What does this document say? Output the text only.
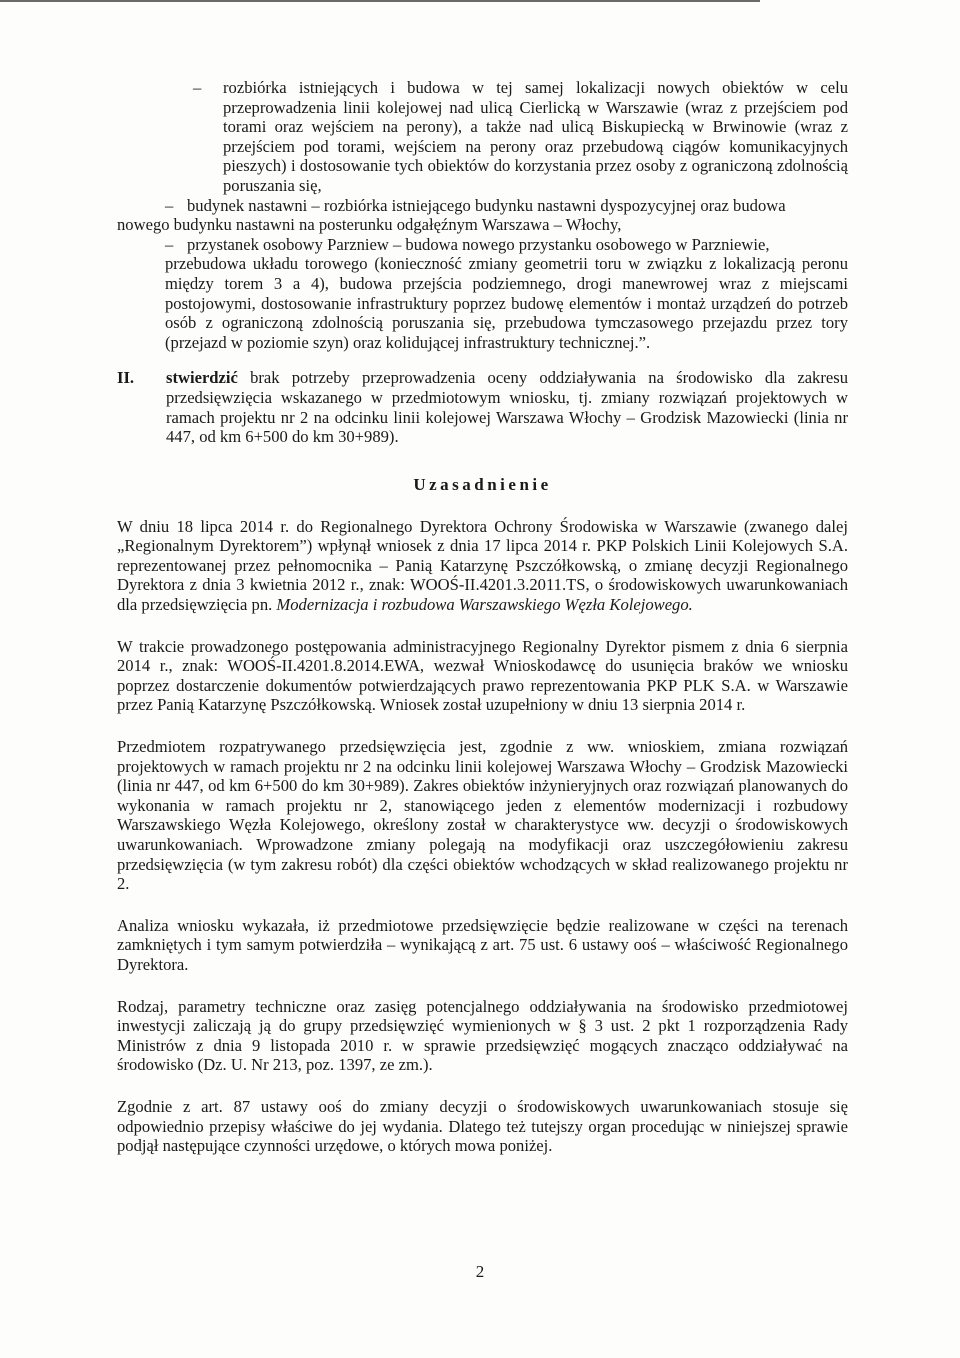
–	rozbiórka istniejących i budowa w tej samej lokalizacji nowych obiektów w celu przeprowadzenia linii kolejowej nad ulicą Cierlicką w Warszawie (wraz z przejściem pod torami oraz wejściem na perony), a także nad ulicą Biskupiecką w Brwinowie (wraz z przejściem pod torami, wejściem na perony oraz przebudową ciągów komunikacyjnych pieszych) i dostosowanie tych obiektów do korzystania przez osoby z ograniczoną zdolnością poruszania się,
– budynek nastawni – rozbiórka istniejącego budynku nastawni dyspozycyjnej oraz budowa
nowego budynku nastawni na posterunku odgałęźnym Warszawa – Włochy,
– przystanek osobowy Parzniew – budowa nowego przystanku osobowego w Parzniewie,
przebudowa układu torowego (konieczność zmiany geometrii toru w związku z lokalizacją peronu między torem 3 a 4), budowa przejścia podziemnego, drogi manewrowej wraz z miejscami postojowymi, dostosowanie infrastruktury poprzez budowę elementów i montaż urządzeń do potrzeb osób z ograniczoną zdolnością poruszania się, przebudowa tymczasowego przejazdu przez tory (przejazd w poziomie szyn) oraz kolidującej infrastruktury technicznej.”.
II.	stwierdzić brak potrzeby przeprowadzenia oceny oddziaływania na środowisko dla zakresu przedsięwzięcia wskazanego w przedmiotowym wniosku, tj. zmiany rozwiązań projektowych w ramach projektu nr 2 na odcinku linii kolejowej Warszawa Włochy – Grodzisk Mazowiecki (linia nr 447, od km 6+500 do km 30+989).
Uzasadnienie

W dniu 18 lipca 2014 r. do Regionalnego Dyrektora Ochrony Środowiska w Warszawie (zwanego dalej „Regionalnym Dyrektorem”) wpłynął wniosek z dnia 17 lipca 2014 r. PKP Polskich Linii Kolejowych S.A. reprezentowanej przez pełnomocnika – Panią Katarzynę Pszczółkowską, o zmianę decyzji Regionalnego Dyrektora z dnia 3 kwietnia 2012 r., znak: WOOŚ-II.4201.3.2011.TS, o środowiskowych uwarunkowaniach dla przedsięwzięcia pn. Modernizacja i rozbudowa Warszawskiego Węzła Kolejowego.

W trakcie prowadzonego postępowania administracyjnego Regionalny Dyrektor pismem z dnia 6 sierpnia 2014 r., znak: WOOŚ-II.4201.8.2014.EWA, wezwał Wnioskodawcę do usunięcia braków we wniosku poprzez dostarczenie dokumentów potwierdzających prawo reprezentowania PKP PLK S.A. w Warszawie przez Panią Katarzynę Pszczółkowską. Wniosek został uzupełniony w dniu 13 sierpnia 2014 r.

Przedmiotem rozpatrywanego przedsięwzięcia jest, zgodnie z ww. wnioskiem, zmiana rozwiązań projektowych w ramach projektu nr 2 na odcinku linii kolejowej Warszawa Włochy – Grodzisk Mazowiecki (linia nr 447, od km 6+500 do km 30+989). Zakres obiektów inżynieryjnych oraz rozwiązań planowanych do wykonania w ramach projektu nr 2, stanowiącego jeden z elementów modernizacji i rozbudowy Warszawskiego Węzła Kolejowego, określony został w charakterystyce ww. decyzji o środowiskowych uwarunkowaniach. Wprowadzone zmiany polegają na modyfikacji oraz uszczegółowieniu zakresu przedsięwzięcia (w tym zakresu robót) dla części obiektów wchodzących w skład realizowanego projektu nr 2.

Analiza wniosku wykazała, iż przedmiotowe przedsięwzięcie będzie realizowane w części na terenach zamkniętych i tym samym potwierdziła – wynikającą z art. 75 ust. 6 ustawy ooś – właściwość Regionalnego Dyrektora.

Rodzaj, parametry techniczne oraz zasięg potencjalnego oddziaływania na środowisko przedmiotowej inwestycji zaliczają ją do grupy przedsięwzięć wymienionych w § 3 ust. 2 pkt 1 rozporządzenia Rady Ministrów z dnia 9 listopada 2010 r. w sprawie przedsięwzięć mogących znacząco oddziaływać na środowisko (Dz. U. Nr 213, poz. 1397, ze zm.).

Zgodnie z art. 87 ustawy ooś do zmiany decyzji o środowiskowych uwarunkowaniach stosuje się odpowiednio przepisy właściwe do jej wydania. Dlatego też tutejszy organ procedując w niniejszej sprawie podjął następujące czynności urzędowe, o których mowa poniżej.

2
